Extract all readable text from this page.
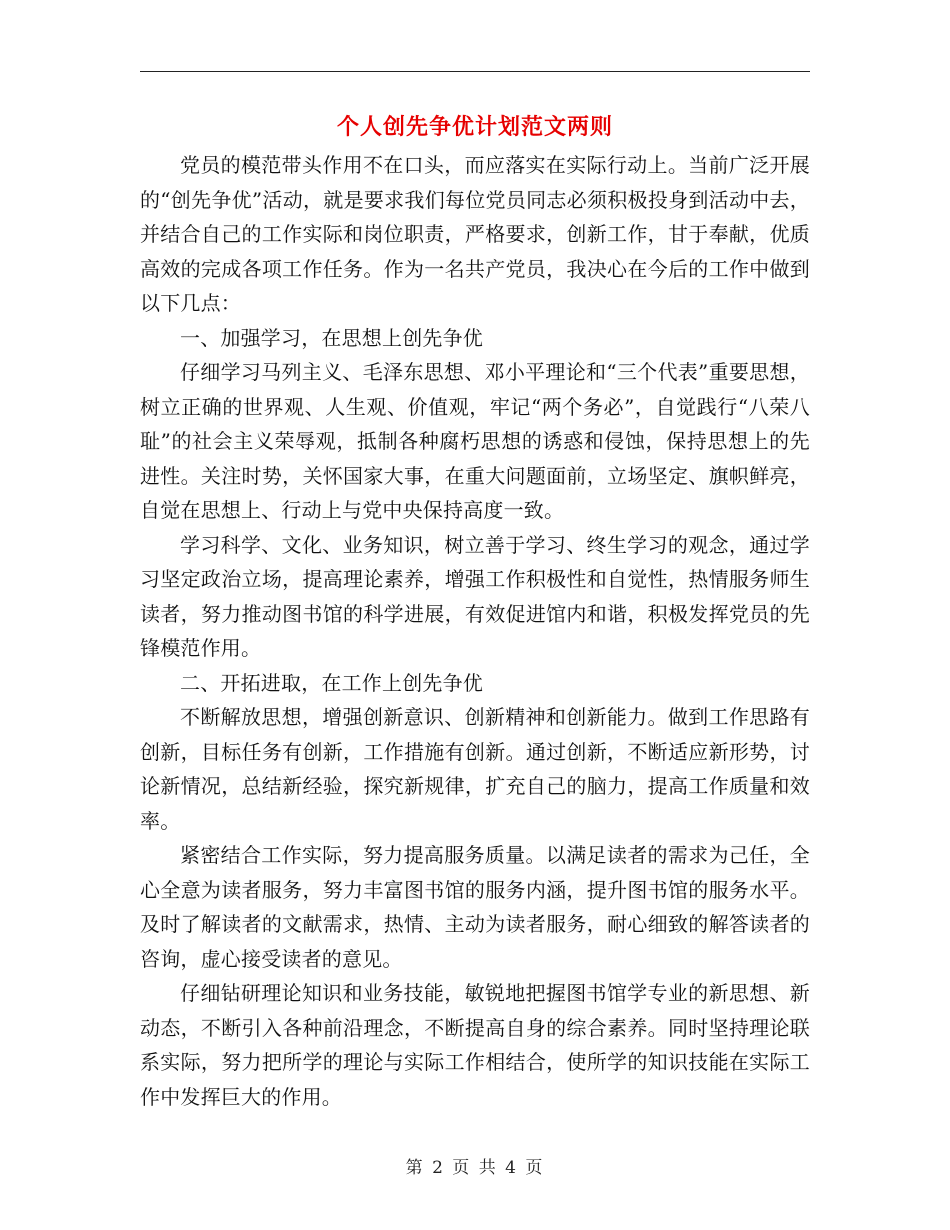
个人创先争优计划范文两则

党员的模范带头作用不在口头，而应落实在实际行动上。当前广泛开展的“创先争优”活动，就是要求我们每位党员同志必须积极投身到活动中去，并结合自己的工作实际和岗位职责，严格要求，创新工作，甘于奉献，优质高效的完成各项工作任务。作为一名共产党员，我决心在今后的工作中做到以下几点：

一、加强学习，在思想上创先争优

仔细学习马列主义、毛泽东思想、邓小平理论和“三个代表”重要思想，树立正确的世界观、人生观、价值观，牢记“两个务必”，自觉践行“八荣八耻”的社会主义荣辱观，抵制各种腐朽思想的诱惑和侵蚀，保持思想上的先进性。关注时势，关怀国家大事，在重大问题面前，立场坚定、旗帜鲜亮，自觉在思想上、行动上与党中央保持高度一致。

学习科学、文化、业务知识，树立善于学习、终生学习的观念，通过学习坚定政治立场，提高理论素养，增强工作积极性和自觉性，热情服务师生读者，努力推动图书馆的科学进展，有效促进馆内和谐，积极发挥党员的先锋模范作用。

二、开拓进取，在工作上创先争优

不断解放思想，增强创新意识、创新精神和创新能力。做到工作思路有创新，目标任务有创新，工作措施有创新。通过创新，不断适应新形势，讨论新情况，总结新经验，探究新规律，扩充自己的脑力，提高工作质量和效率。

紧密结合工作实际，努力提高服务质量。以满足读者的需求为己任，全心全意为读者服务，努力丰富图书馆的服务内涵，提升图书馆的服务水平。及时了解读者的文献需求，热情、主动为读者服务，耐心细致的解答读者的咨询，虚心接受读者的意见。

仔细钻研理论知识和业务技能，敏锐地把握图书馆学专业的新思想、新动态，不断引入各种前沿理念，不断提高自身的综合素养。同时坚持理论联系实际，努力把所学的理论与实际工作相结合，使所学的知识技能在实际工作中发挥巨大的作用。

第 2 页 共 4 页
